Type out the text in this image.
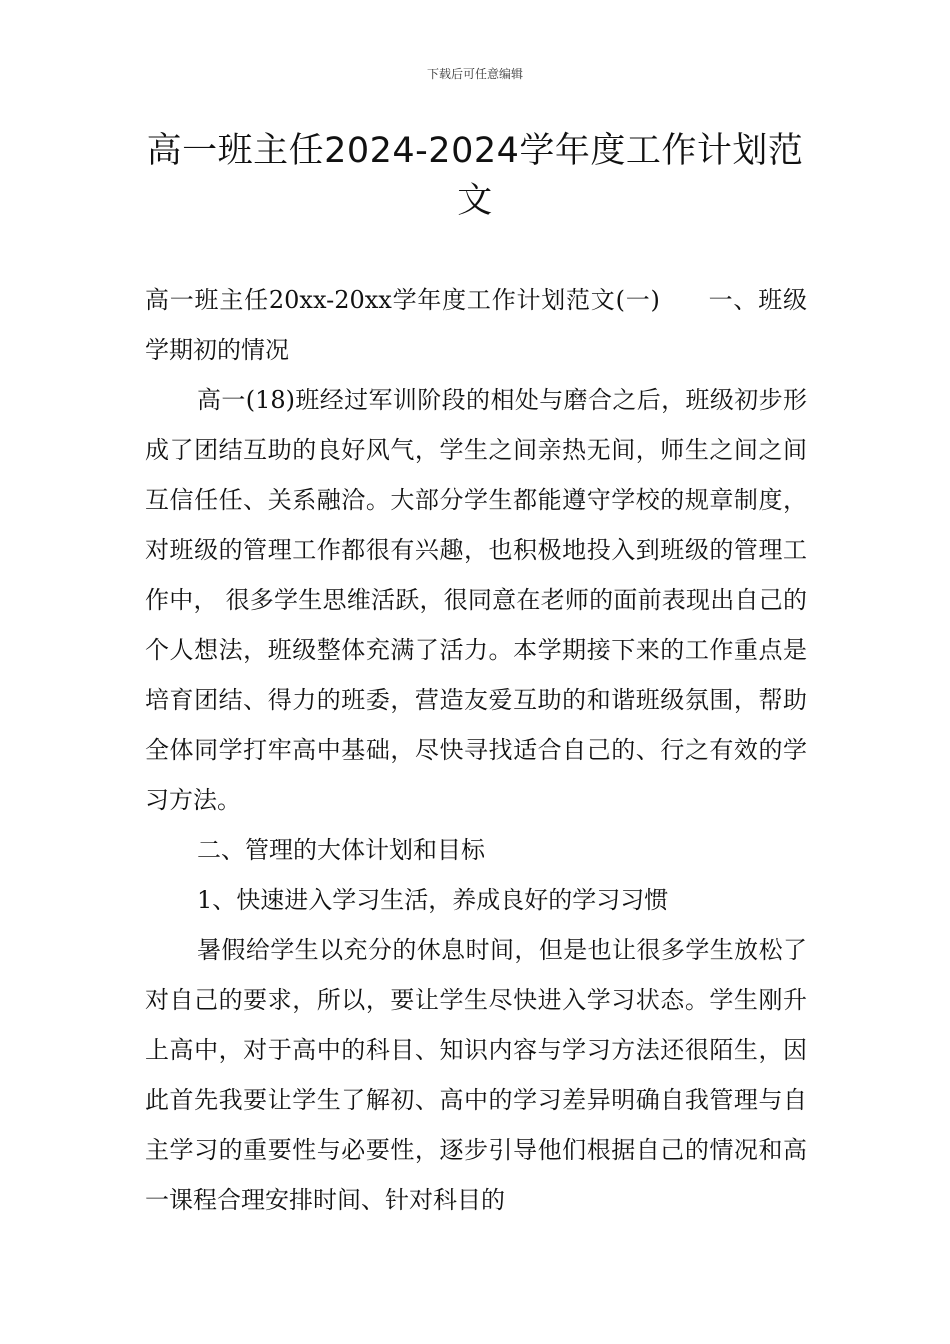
下载后可任意编辑
高一班主任2024-2024学年度工作计划范文

高一班主任20xx-20xx学年度工作计划范文(一) 一、班级学期初的情况

高一(18)班经过军训阶段的相处与磨合之后，班级初步形成了团结互助的良好风气，学生之间亲热无间，师生之间之间互信任任、关系融洽。大部分学生都能遵守学校的规章制度，对班级的管理工作都很有兴趣，也积极地投入到班级的管理工作中， 很多学生思维活跃，很同意在老师的面前表现出自己的个人想法，班级整体充满了活力。本学期接下来的工作重点是培育团结、得力的班委，营造友爱互助的和谐班级氛围，帮助全体同学打牢高中基础，尽快寻找适合自己的、行之有效的学习方法。

二、管理的大体计划和目标

1、快速进入学习生活，养成良好的学习习惯

暑假给学生以充分的休息时间，但是也让很多学生放松了对自己的要求，所以，要让学生尽快进入学习状态。学生刚升上高中，对于高中的科目、知识内容与学习方法还很陌生，因此首先我要让学生了解初、高中的学习差异明确自我管理与自主学习的重要性与必要性，逐步引导他们根据自己的情况和高一课程合理安排时间、针对科目的
